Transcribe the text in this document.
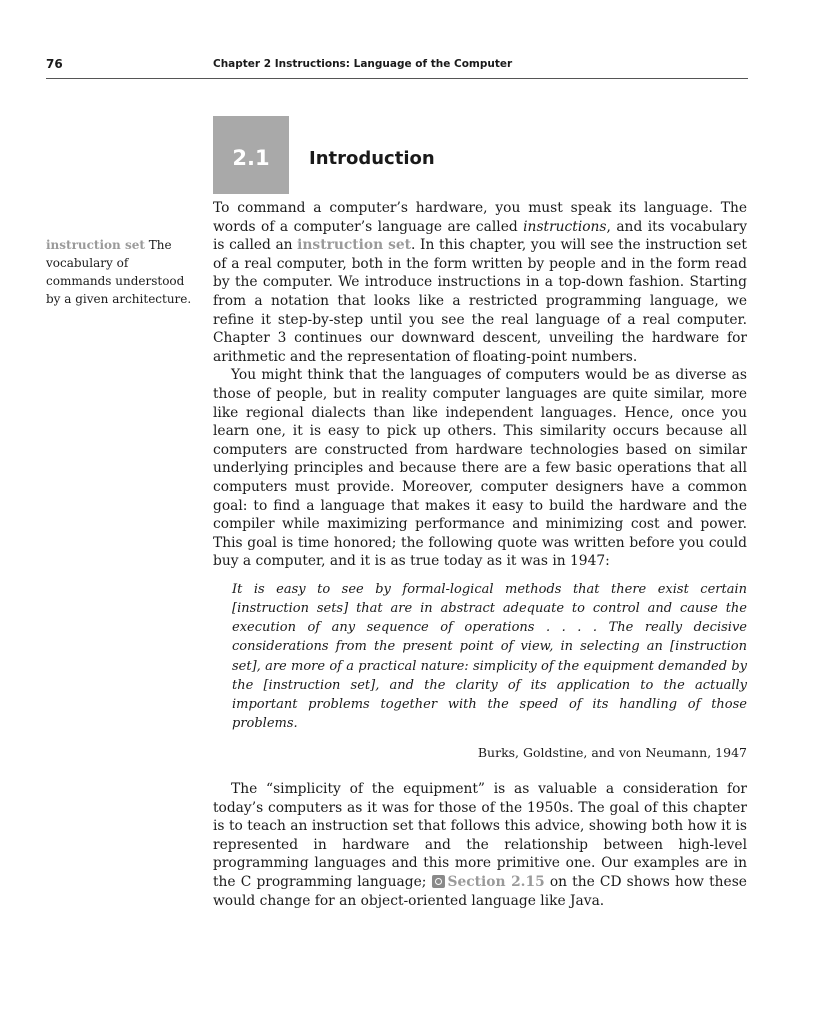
76	Chapter 2 Instructions: Language of the Computer
2.1	Introduction
instruction set The vocabulary of commands understood by a given architecture.

To command a computer’s hardware, you must speak its language. The words of a computer’s language are called instructions, and its vocabulary is called an instruction set. In this chapter, you will see the instruction set of a real computer, both in the form written by people and in the form read by the computer. We introduce instructions in a top-down fashion. Starting from a notation that looks like a restricted programming language, we refine it step-by-step until you see the real language of a real computer. Chapter 3 continues our downward descent, unveiling the hardware for arithmetic and the representation of floating-point numbers.

You might think that the languages of computers would be as diverse as those of people, but in reality computer languages are quite similar, more like regional dialects than like independent languages. Hence, once you learn one, it is easy to pick up others. This similarity occurs because all computers are constructed from hardware technologies based on similar underlying principles and because there are a few basic operations that all computers must provide. Moreover, computer designers have a common goal: to find a language that makes it easy to build the hardware and the compiler while maximizing performance and minimizing cost and power. This goal is time honored; the following quote was written before you could buy a computer, and it is as true today as it was in 1947:

It is easy to see by formal-logical methods that there exist certain [instruction sets] that are in abstract adequate to control and cause the execution of any sequence of operations . . . . The really decisive considerations from the present point of view, in selecting an [instruction set], are more of a practical nature: simplicity of the equipment demanded by the [instruction set], and the clarity of its application to the actually important problems together with the speed of its handling of those problems.
Burks, Goldstine, and von Neumann, 1947

The “simplicity of the equipment” is as valuable a consideration for today’s computers as it was for those of the 1950s. The goal of this chapter is to teach an instruction set that follows this advice, showing both how it is represented in hardware and the relationship between high-level programming languages and this more primitive one. Our examples are in the C programming language; Section 2.15 on the CD shows how these would change for an object-oriented language like Java.
